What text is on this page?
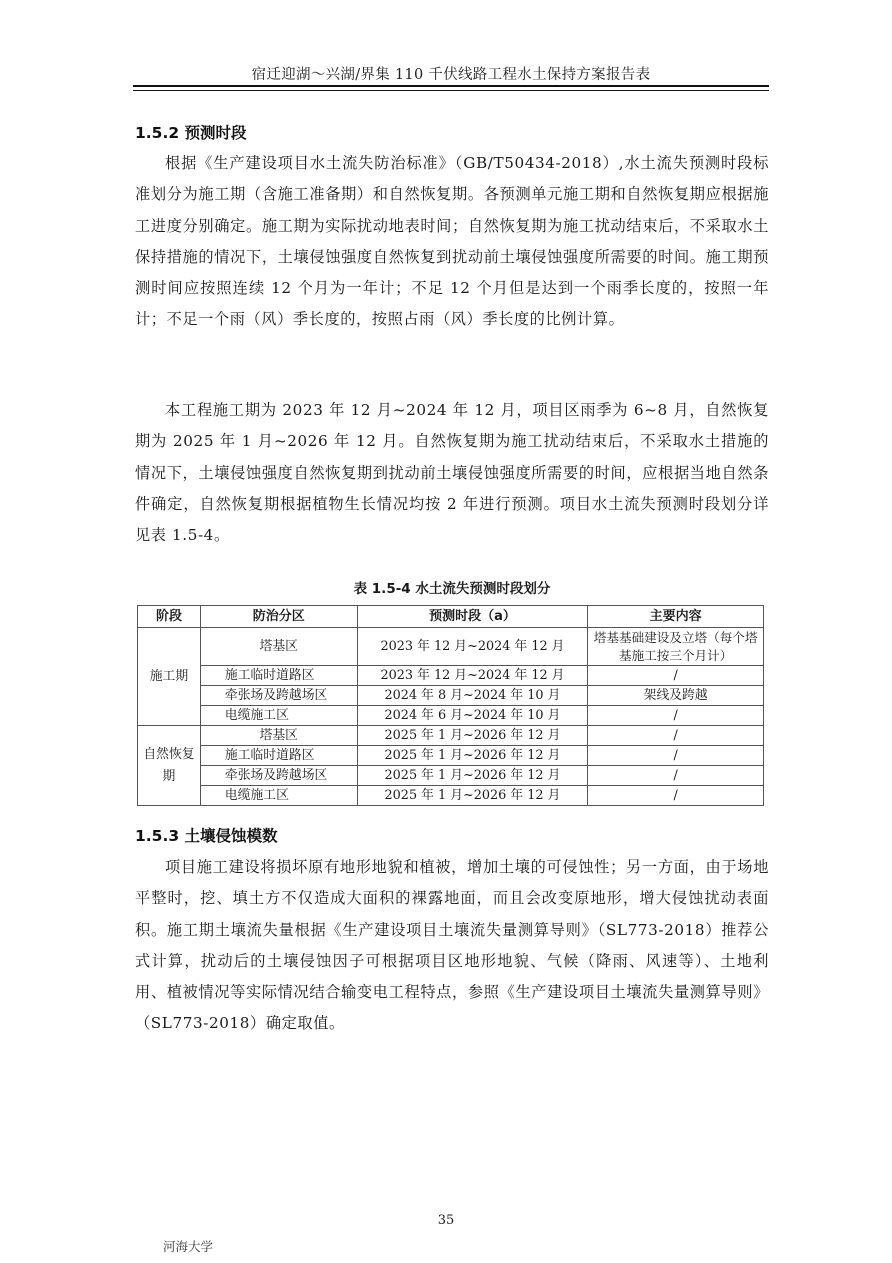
宿迁迎湖～兴湖/界集 110 千伏线路工程水土保持方案报告表
1.5.2 预测时段
根据《生产建设项目水土流失防治标准》（GB/T50434-2018）,水土流失预测时段标准划分为施工期（含施工准备期）和自然恢复期。各预测单元施工期和自然恢复期应根据施工进度分别确定。施工期为实际扰动地表时间；自然恢复期为施工扰动结束后，不采取水土保持措施的情况下，土壤侵蚀强度自然恢复到扰动前土壤侵蚀强度所需要的时间。施工期预测时间应按照连续 12 个月为一年计；不足 12 个月但是达到一个雨季长度的，按照一年计；不足一个雨（风）季长度的，按照占雨（风）季长度的比例计算。
本工程施工期为 2023 年 12 月~2024 年 12 月，项目区雨季为 6~8 月，自然恢复期为 2025 年 1 月~2026 年 12 月。自然恢复期为施工扰动结束后，不采取水土措施的情况下，土壤侵蚀强度自然恢复期到扰动前土壤侵蚀强度所需要的时间，应根据当地自然条件确定，自然恢复期根据植物生长情况均按 2 年进行预测。项目水土流失预测时段划分详见表 1.5-4。
表 1.5-4 水土流失预测时段划分
阶段	防治分区	预测时段（a）	主要内容
施工期	塔基区	2023 年 12 月~2024 年 12 月	塔基基础建设及立塔（每个塔基施工按三个月计）
	施工临时道路区	2023 年 12 月~2024 年 12 月	/
	牵张场及跨越场区	2024 年 8 月~2024 年 10 月	架线及跨越
	电缆施工区	2024 年 6 月~2024 年 10 月	/
自然恢复期	塔基区	2025 年 1 月~2026 年 12 月	/
	施工临时道路区	2025 年 1 月~2026 年 12 月	/
	牵张场及跨越场区	2025 年 1 月~2026 年 12 月	/
	电缆施工区	2025 年 1 月~2026 年 12 月	/
1.5.3 土壤侵蚀模数
项目施工建设将损坏原有地形地貌和植被，增加土壤的可侵蚀性；另一方面，由于场地平整时，挖、填土方不仅造成大面积的裸露地面，而且会改变原地形，增大侵蚀扰动表面积。施工期土壤流失量根据《生产建设项目土壤流失量测算导则》（SL773-2018）推荐公式计算，扰动后的土壤侵蚀因子可根据项目区地形地貌、气候（降雨、风速等）、土地利用、植被情况等实际情况结合输变电工程特点，参照《生产建设项目土壤流失量测算导则》（SL773-2018）确定取值。
35
河海大学
